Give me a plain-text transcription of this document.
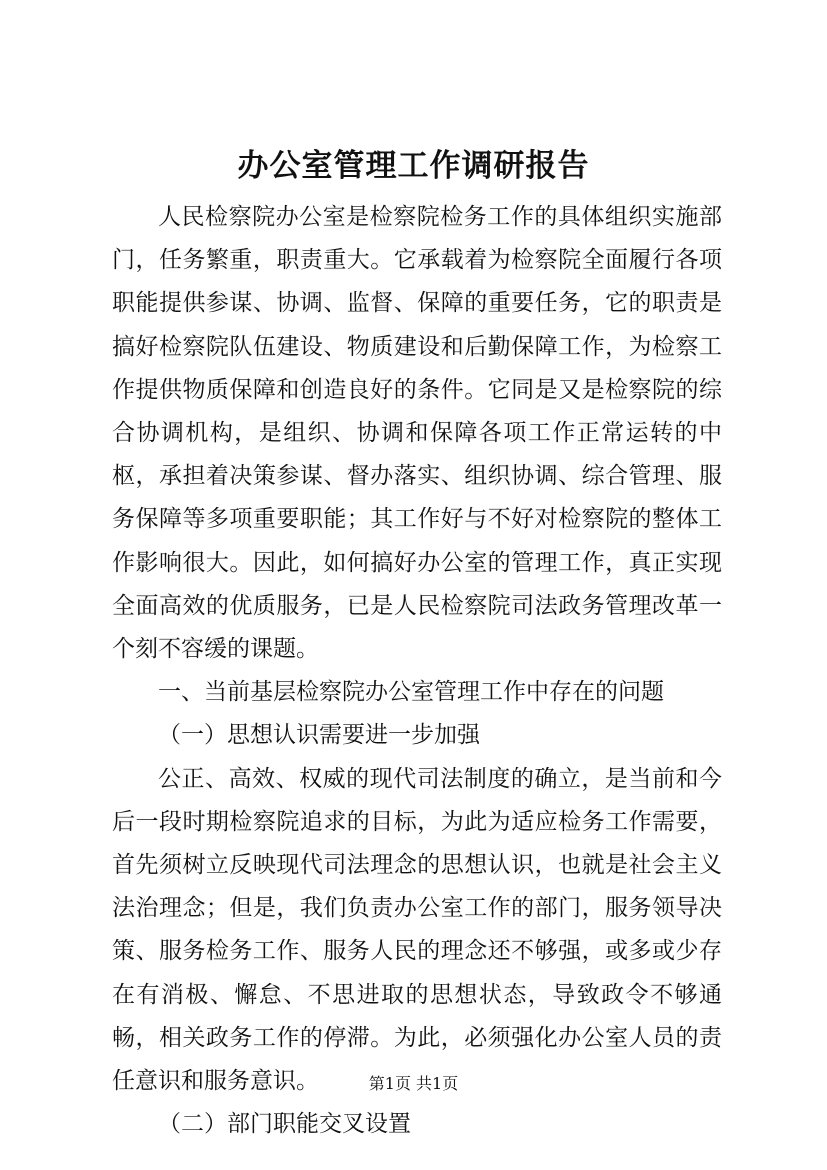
办公室管理工作调研报告

人民检察院办公室是检察院检务工作的具体组织实施部门，任务繁重，职责重大。它承载着为检察院全面履行各项职能提供参谋、协调、监督、保障的重要任务，它的职责是搞好检察院队伍建设、物质建设和后勤保障工作，为检察工作提供物质保障和创造良好的条件。它同是又是检察院的综合协调机构，是组织、协调和保障各项工作正常运转的中枢，承担着决策参谋、督办落实、组织协调、综合管理、服务保障等多项重要职能；其工作好与不好对检察院的整体工作影响很大。因此，如何搞好办公室的管理工作，真正实现全面高效的优质服务，已是人民检察院司法政务管理改革一个刻不容缓的课题。

一、当前基层检察院办公室管理工作中存在的问题

（一）思想认识需要进一步加强

公正、高效、权威的现代司法制度的确立，是当前和今后一段时期检察院追求的目标，为此为适应检务工作需要，首先须树立反映现代司法理念的思想认识，也就是社会主义法治理念；但是，我们负责办公室工作的部门，服务领导决策、服务检务工作、服务人民的理念还不够强，或多或少存在有消极、懈怠、不思进取的思想状态，导致政令不够通畅，相关政务工作的停滞。为此，必须强化办公室人员的责任意识和服务意识。

（二）部门职能交叉设置

第1页 共1页
